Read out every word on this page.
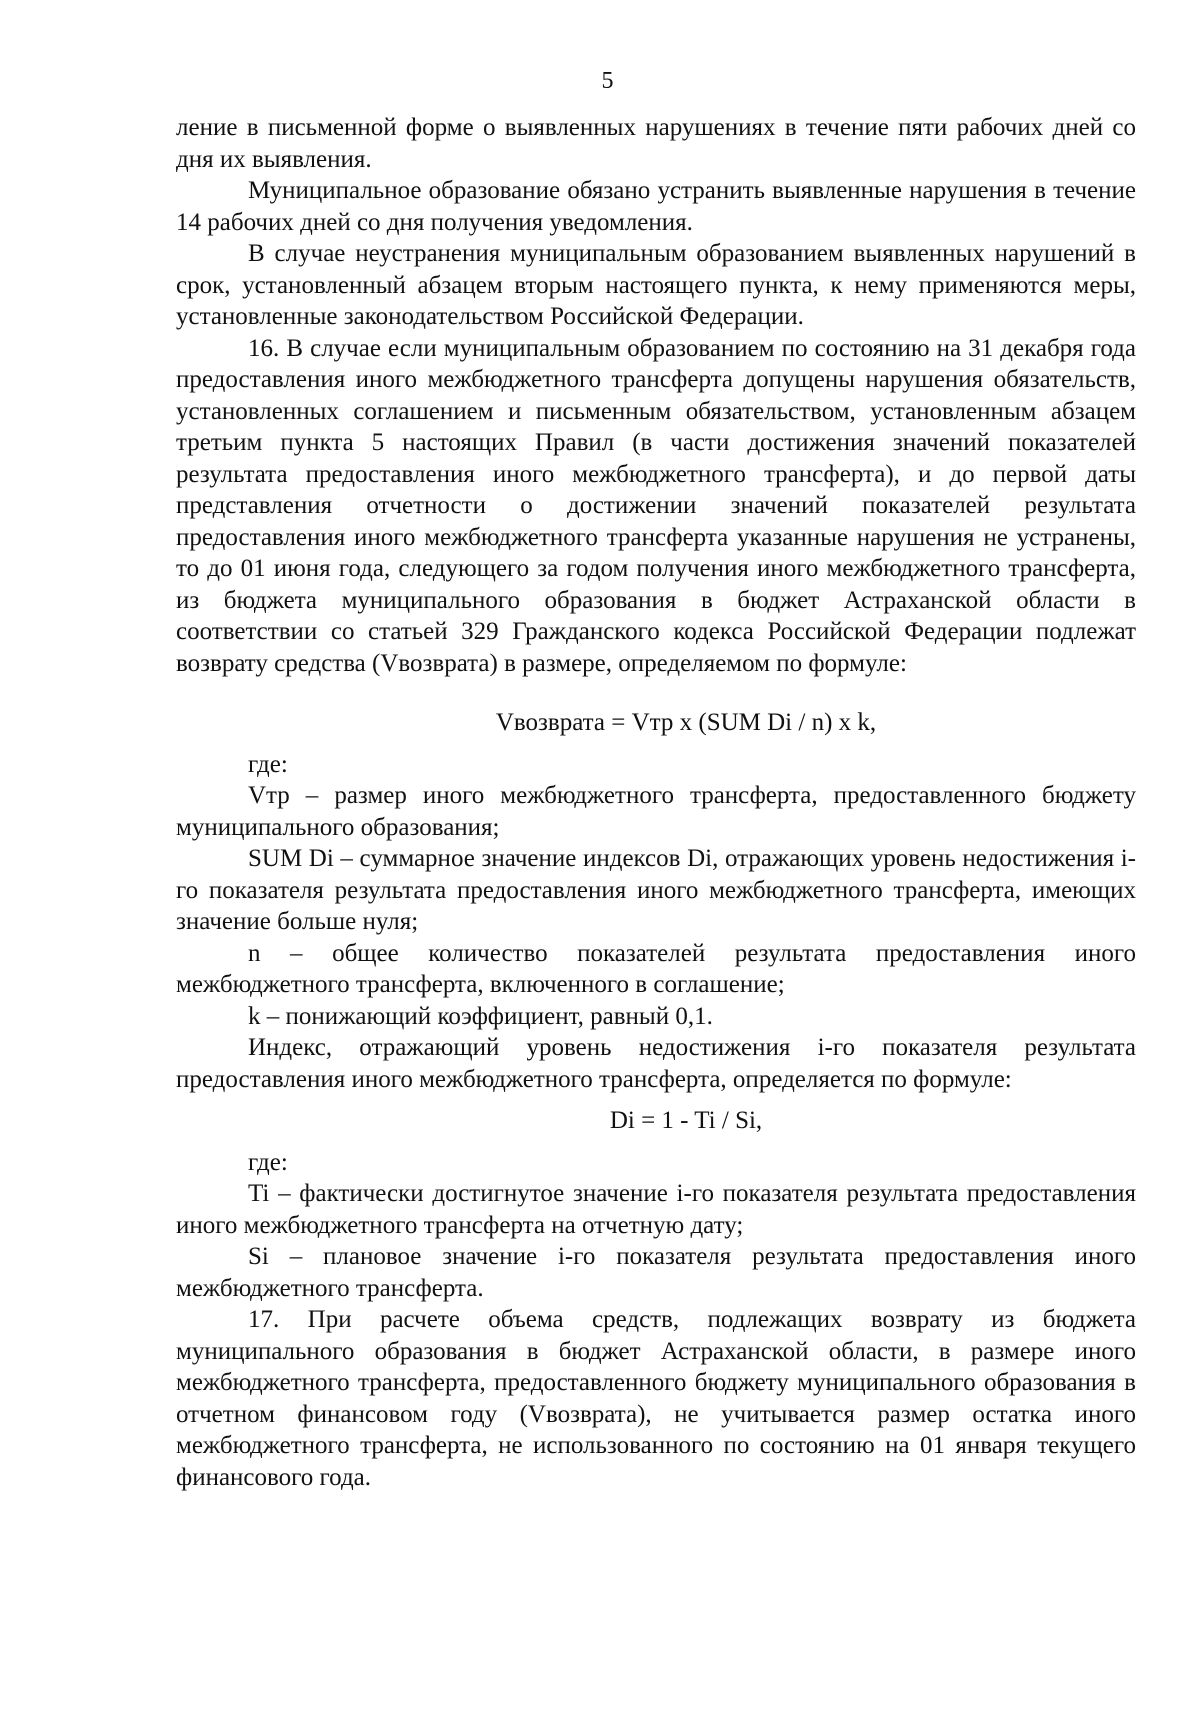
5

ление в письменной форме о выявленных нарушениях в течение пяти рабочих дней со дня их выявления.

Муниципальное образование обязано устранить выявленные нарушения в течение 14 рабочих дней со дня получения уведомления.

В случае неустранения муниципальным образованием выявленных нарушений в срок, установленный абзацем вторым настоящего пункта, к нему применяются меры, установленные законодательством Российской Федерации.

16. В случае если муниципальным образованием по состоянию на 31 декабря года предоставления иного межбюджетного трансферта допущены нарушения обязательств, установленных соглашением и письменным обязательством, установленным абзацем третьим пункта 5 настоящих Правил (в части достижения значений показателей результата предоставления иного межбюджетного трансферта), и до первой даты представления отчетности о достижении значений показателей результата предоставления иного межбюджетного трансферта указанные нарушения не устранены, то до 01 июня года, следующего за годом получения иного межбюджетного трансферта, из бюджета муниципального образования в бюджет Астраханской области в соответствии со статьей 329 Гражданского кодекса Российской Федерации подлежат возврату средства (Vвозврата) в размере, определяемом по формуле:

Vвозврата = Vтр x (SUM Di / n) x k,

где:

Vтр – размер иного межбюджетного трансферта, предоставленного бюджету муниципального образования;

SUM Di – суммарное значение индексов Di, отражающих уровень недостижения i-го показателя результата предоставления иного межбюджетного трансферта, имеющих значение больше нуля;

n – общее количество показателей результата предоставления иного межбюджетного трансферта, включенного в соглашение;

k – понижающий коэффициент, равный 0,1.

Индекс, отражающий уровень недостижения i-го показателя результата предоставления иного межбюджетного трансферта, определяется по формуле:

Di = 1 - Ti / Si,

где:

Ti – фактически достигнутое значение i-го показателя результата предоставления иного межбюджетного трансферта на отчетную дату;

Si – плановое значение i-го показателя результата предоставления иного межбюджетного трансферта.

17. При расчете объема средств, подлежащих возврату из бюджета муниципального образования в бюджет Астраханской области, в размере иного межбюджетного трансферта, предоставленного бюджету муниципального образования в отчетном финансовом году (Vвозврата), не учитывается размер остатка иного межбюджетного трансферта, не использованного по состоянию на 01 января текущего финансового года.
